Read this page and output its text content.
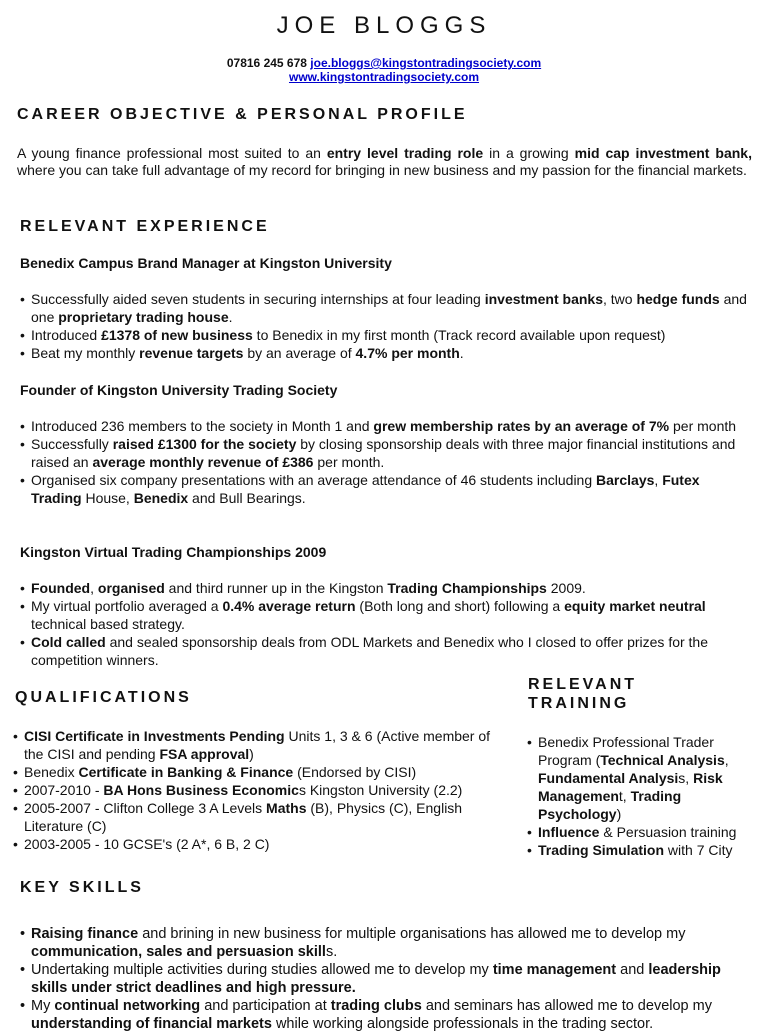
JOE BLOGGS
07816 245 678 joe.bloggs@kingstontradingsociety.com
www.kingstontradingsociety.com
CAREER OBJECTIVE & PERSONAL PROFILE
A young finance professional most suited to an entry level trading role in a growing mid cap investment bank, where you can take full advantage of my record for bringing in new business and my passion for the financial markets.
RELEVANT EXPERIENCE
Benedix Campus Brand Manager at Kingston University
• Successfully aided seven students in securing internships at four leading investment banks, two hedge funds and one proprietary trading house.
• Introduced £1378 of new business to Benedix in my first month (Track record available upon request)
• Beat my monthly revenue targets by an average of 4.7% per month.
Founder of Kingston University Trading Society
• Introduced 236 members to the society in Month 1 and grew membership rates by an average of 7% per month
• Successfully raised £1300 for the society by closing sponsorship deals with three major financial institutions and raised an average monthly revenue of £386 per month.
• Organised six company presentations with an average attendance of 46 students including Barclays, Futex Trading House, Benedix and Bull Bearings.
Kingston Virtual Trading Championships 2009
• Founded, organised and third runner up in the Kingston Trading Championships 2009.
• My virtual portfolio averaged a 0.4% average return (Both long and short) following a equity market neutral technical based strategy.
• Cold called and sealed sponsorship deals from ODL Markets and Benedix who I closed to offer prizes for the competition winners.
QUALIFICATIONS
• CISI Certificate in Investments Pending Units 1, 3 & 6 (Active member of the CISI and pending FSA approval)
• Benedix Certificate in Banking & Finance (Endorsed by CISI)
• 2007-2010 - BA Hons Business Economics Kingston University (2.2)
• 2005-2007 - Clifton College 3 A Levels Maths (B), Physics (C), English Literature (C)
• 2003-2005 - 10 GCSE's (2 A*, 6 B, 2 C)
RELEVANT
TRAINING
• Benedix Professional Trader Program (Technical Analysis, Fundamental Analysis, Risk Management, Trading Psychology)
• Influence & Persuasion training
• Trading Simulation with 7 City
KEY SKILLS
• Raising finance and brining in new business for multiple organisations has allowed me to develop my communication, sales and persuasion skills.
• Undertaking multiple activities during studies allowed me to develop my time management and leadership skills under strict deadlines and high pressure.
• My continual networking and participation at trading clubs and seminars has allowed me to develop my understanding of financial markets while working alongside professionals in the trading sector.
